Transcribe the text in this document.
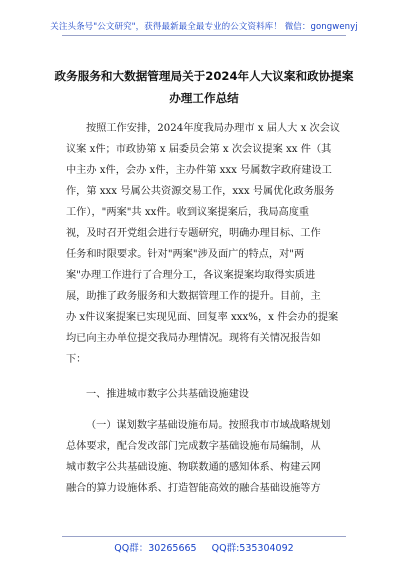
关注头条号"公文研究"，获得最新最全最专业的公文资料库！ 微信：gongwenyj
政务服务和大数据管理局关于2024年人大议案和政协提案
办理工作总结
按照工作安排，2024年度我局办理市 x 届人大 x 次会议
议案 x件；市政协第 x 届委员会第 x 次会议提案 xx 件（其
中主办 x件，会办 x件，主办件第 xxx 号属数字政府建设工
作，第 xxx 号属公共资源交易工作，xxx 号属优化政务服务
工作），"两案"共 xx件。收到议案提案后，我局高度重
视，及时召开党组会进行专题研究，明确办理目标、工作
任务和时限要求。针对"两案"涉及面广的特点，对"两
案"办理工作进行了合理分工，各议案提案均取得实质进
展，助推了政务服务和大数据管理工作的提升。目前，主
办 x件议案提案已实现见面、回复率 xxx%，x 件会办的提案
均已向主办单位提交我局办理情况。现将有关情况报告如
下：
一、推进城市数字公共基础设施建设
（一）谋划数字基础设施布局。按照我市市域战略规划
总体要求，配合发改部门完成数字基础设施布局编制，从
城市数字公共基础设施、物联数通的感知体系、构建云网
融合的算力设施体系、打造智能高效的融合基础设施等方
QQ群：30265665 QQ群:535304092
